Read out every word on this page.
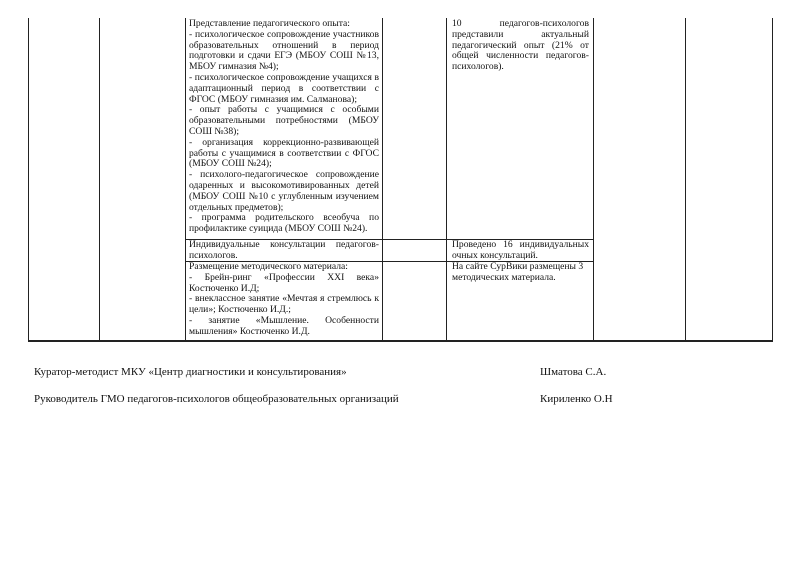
Представление педагогического опыта:

- психологическое сопровождение участников образовательных отношений в период подготовки и сдачи ЕГЭ (МБОУ СОШ №13, МБОУ гимназия №4);

- психологическое сопровождение учащихся в адаптационный период в соответствии с ФГОС (МБОУ гимназия им. Салманова);

- опыт работы с учащимися с особыми образовательными потребностями (МБОУ СОШ №38);

- организация коррекционно-развивающей работы с учащимися в соответствии с ФГОС (МБОУ СОШ №24);

- психолого-педагогическое сопровождение одаренных и высокомотивированных детей (МБОУ СОШ №10 с углубленным изучением отдельных предметов);

- программа родительского всеобуча по профилактике суицида (МБОУ СОШ №24).

10 педагогов-психологов представили актуальный педагогический опыт (21% от общей численности педагогов-психологов).

Индивидуальные консультации педагогов-психологов.

Проведено 16 индивидуальных очных консультаций.

Размещение методического материала:

- Брейн-ринг «Профессии XXI века» Костюченко И.Д;

- внеклассное занятие «Мечтая я стремлюсь к цели»; Костюченко И.Д.;

- занятие «Мышление. Особенности мышления» Костюченко И.Д.

На сайте СурВики размещены 3 методических материала.

Куратор-методист МКУ «Центр диагностики и консультирования»	Шматова С.А.
Руководитель ГМО педагогов-психологов общеобразовательных организаций	Кириленко О.Н
